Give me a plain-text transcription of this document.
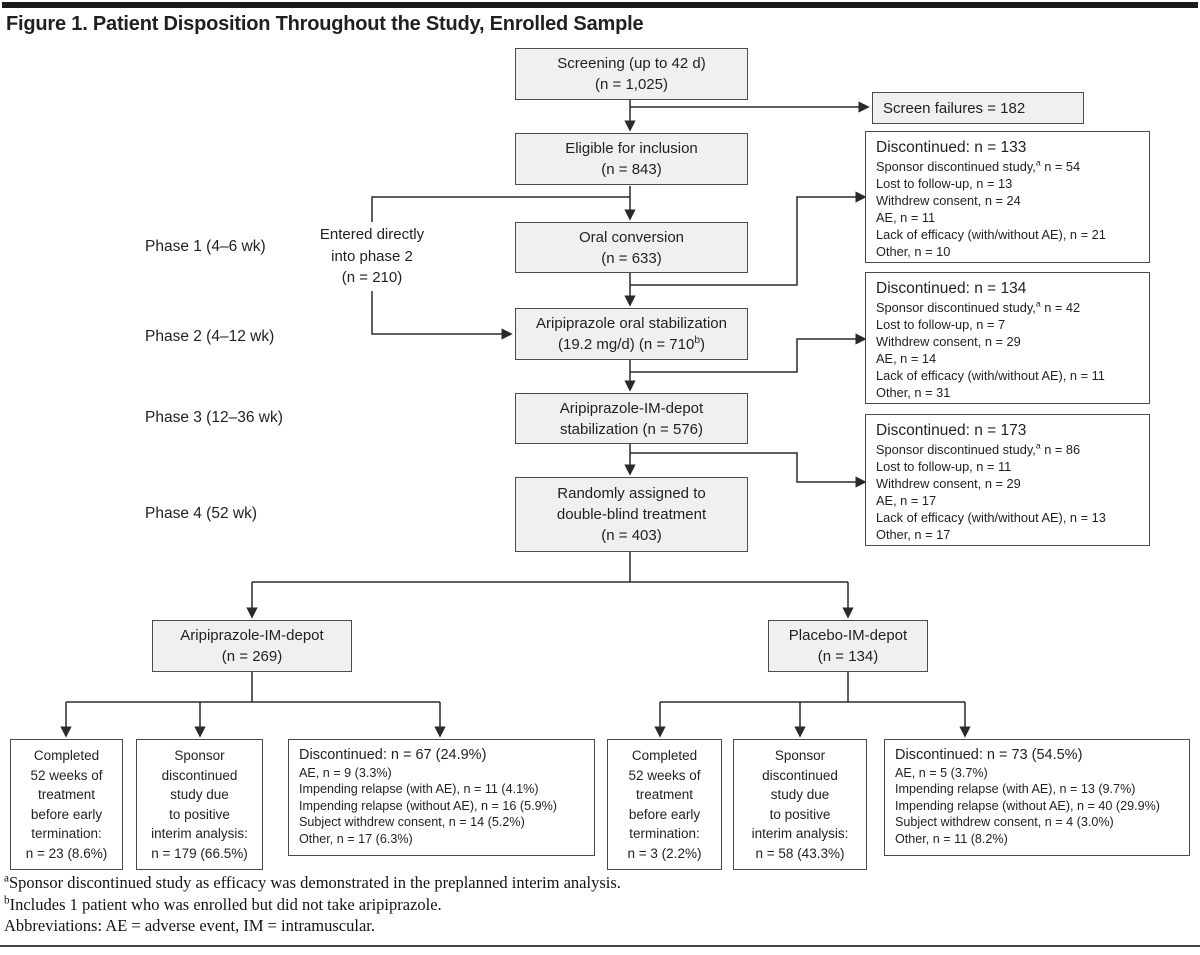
Figure 1. Patient Disposition Throughout the Study, Enrolled Sample
Phase 1 (4–6 wk)
Phase 2 (4–12 wk)
Phase 3 (12–36 wk)
Phase 4 (52 wk)
Screening (up to 42 d)
(n = 1,025)
Screen failures = 182
Eligible for inclusion
(n = 843)
Entered directly
into phase 2
(n = 210)
Oral conversion
(n = 633)
Aripiprazole oral stabilization
(19.2 mg/d) $(n = 710^b)$
Aripiprazole-IM-depot
stabilization (n = 576)
Randomly assigned to
double-blind treatment
(n = 403)
Discontinued: n = 133
Sponsor discontinued study,$^a$ n = 54
Lost to follow-up, n = 13
Withdrew consent, n = 24
AE, n = 11
Lack of efficacy (with/without AE), n = 21
Other, n = 10
Discontinued: n = 134
Sponsor discontinued study,$^a$ n = 42
Lost to follow-up, n = 7
Withdrew consent, n = 29
AE, n = 14
Lack of efficacy (with/without AE), n = 11
Other, n = 31
Discontinued: n = 173
Sponsor discontinued study,$^a$ n = 86
Lost to follow-up, n = 11
Withdrew consent, n = 29
AE, n = 17
Lack of efficacy (with/without AE), n = 13
Other, n = 17
Aripiprazole-IM-depot
(n = 269)
Placebo-IM-depot
(n = 134)
Completed
52 weeks of
treatment
before early
termination:
n = 23 (8.6%)
Sponsor
discontinued
study due
to positive
interim analysis:
n = 179 (66.5%)
Discontinued: n = 67 (24.9%)
AE, n = 9 (3.3%)
Impending relapse (with AE), n = 11 (4.1%)
Impending relapse (without AE), n = 16 (5.9%)
Subject withdrew consent, n = 14 (5.2%)
Other, n = 17 (6.3%)
Completed
52 weeks of
treatment
before early
termination:
n = 3 (2.2%)
Sponsor
discontinued
study due
to positive
interim analysis:
n = 58 (43.3%)
Discontinued: n = 73 (54.5%)
AE, n = 5 (3.7%)
Impending relapse (with AE), n = 13 (9.7%)
Impending relapse (without AE), n = 40 (29.9%)
Subject withdrew consent, n = 4 (3.0%)
Other, n = 11 (8.2%)
$^a$Sponsor discontinued study as efficacy was demonstrated in the preplanned interim analysis.
$^b$Includes 1 patient who was enrolled but did not take aripiprazole.
Abbreviations: AE = adverse event, IM = intramuscular.
